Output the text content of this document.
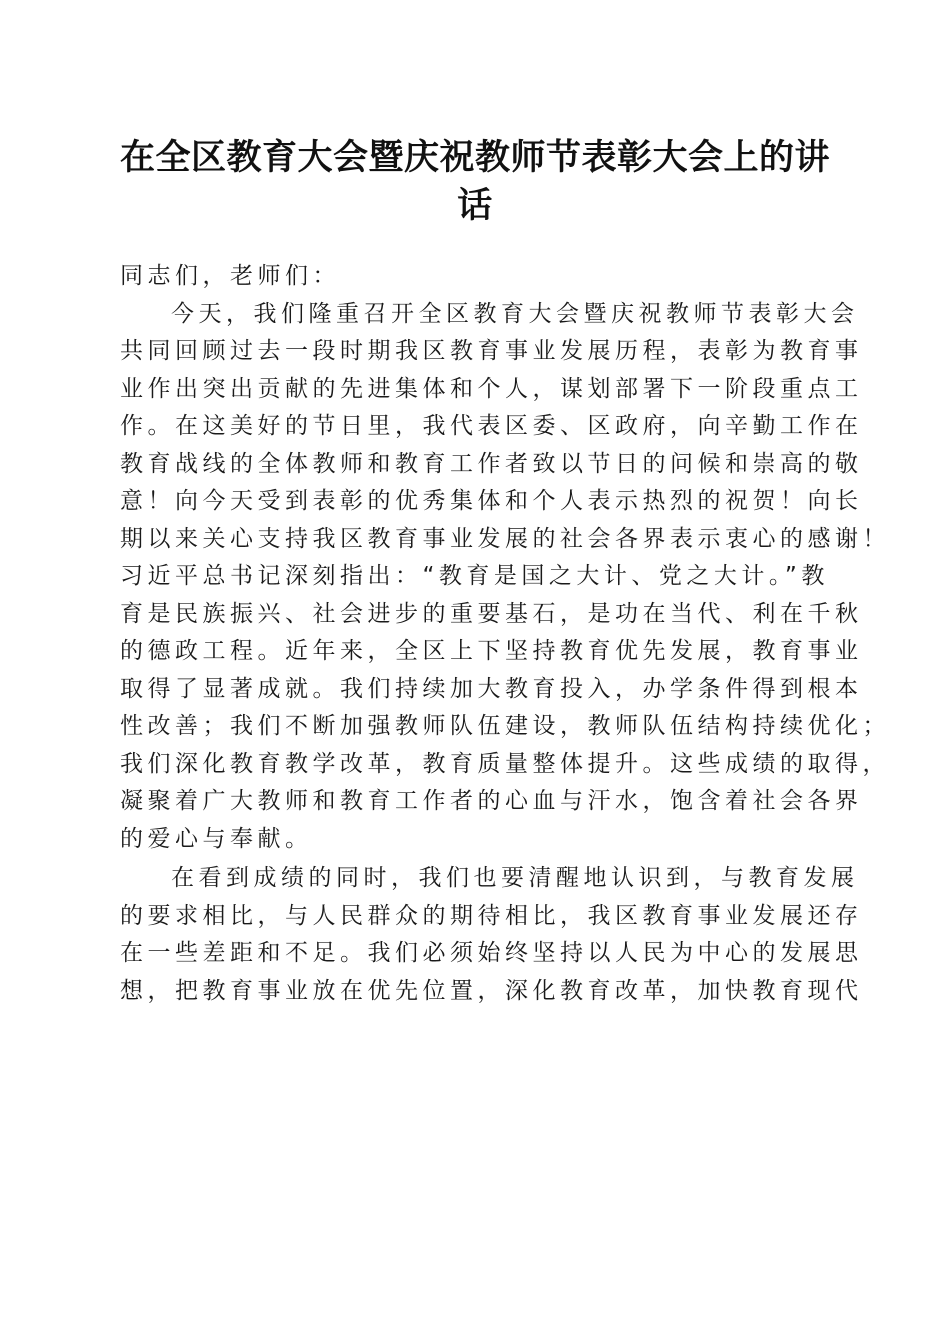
在全区教育大会暨庆祝教师节表彰大会上的讲
话
同志们，老师们：
今天，我们隆重召开全区教育大会暨庆祝教师节表彰大会
共同回顾过去一段时期我区教育事业发展历程，表彰为教育事
业作出突出贡献的先进集体和个人，谋划部署下一阶段重点工
作。在这美好的节日里，我代表区委、区政府，向辛勤工作在
教育战线的全体教师和教育工作者致以节日的问候和崇高的敬
意！向今天受到表彰的优秀集体和个人表示热烈的祝贺！向长
期以来关心支持我区教育事业发展的社会各界表示衷心的感谢！
习近平总书记深刻指出：“教育是国之大计、党之大计。”教
育是民族振兴、社会进步的重要基石，是功在当代、利在千秋
的德政工程。近年来，全区上下坚持教育优先发展，教育事业
取得了显著成就。我们持续加大教育投入，办学条件得到根本
性改善；我们不断加强教师队伍建设，教师队伍结构持续优化；
我们深化教育教学改革，教育质量整体提升。这些成绩的取得，
凝聚着广大教师和教育工作者的心血与汗水，饱含着社会各界
的爱心与奉献。
在看到成绩的同时，我们也要清醒地认识到，与教育发展
的要求相比，与人民群众的期待相比，我区教育事业发展还存
在一些差距和不足。我们必须始终坚持以人民为中心的发展思
想，把教育事业放在优先位置，深化教育改革，加快教育现代
